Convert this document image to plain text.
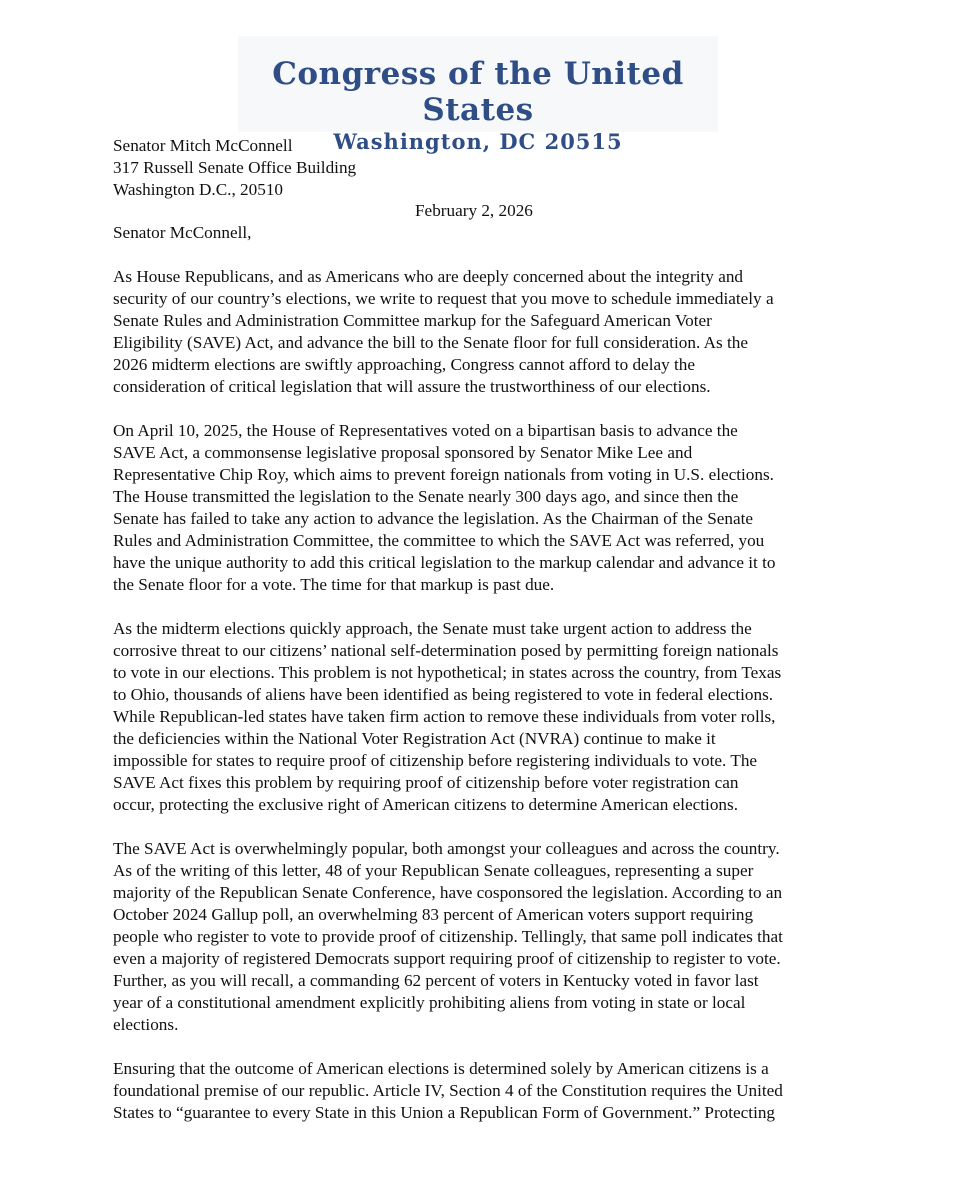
Congress of the United States
Washington, DC 20515
Senator Mitch McConnell
317 Russell Senate Office Building
Washington D.C., 20510
February 2, 2026
Senator McConnell,

As House Republicans, and as Americans who are deeply concerned about the integrity and
security of our country’s elections, we write to request that you move to schedule immediately a
Senate Rules and Administration Committee markup for the Safeguard American Voter
Eligibility (SAVE) Act, and advance the bill to the Senate floor for full consideration. As the
2026 midterm elections are swiftly approaching, Congress cannot afford to delay the
consideration of critical legislation that will assure the trustworthiness of our elections.

On April 10, 2025, the House of Representatives voted on a bipartisan basis to advance the
SAVE Act, a commonsense legislative proposal sponsored by Senator Mike Lee and
Representative Chip Roy, which aims to prevent foreign nationals from voting in U.S. elections.
The House transmitted the legislation to the Senate nearly 300 days ago, and since then the
Senate has failed to take any action to advance the legislation. As the Chairman of the Senate
Rules and Administration Committee, the committee to which the SAVE Act was referred, you
have the unique authority to add this critical legislation to the markup calendar and advance it to
the Senate floor for a vote. The time for that markup is past due.

As the midterm elections quickly approach, the Senate must take urgent action to address the
corrosive threat to our citizens’ national self-determination posed by permitting foreign nationals
to vote in our elections. This problem is not hypothetical; in states across the country, from Texas
to Ohio, thousands of aliens have been identified as being registered to vote in federal elections.
While Republican-led states have taken firm action to remove these individuals from voter rolls,
the deficiencies within the National Voter Registration Act (NVRA) continue to make it
impossible for states to require proof of citizenship before registering individuals to vote. The
SAVE Act fixes this problem by requiring proof of citizenship before voter registration can
occur, protecting the exclusive right of American citizens to determine American elections.

The SAVE Act is overwhelmingly popular, both amongst your colleagues and across the country.
As of the writing of this letter, 48 of your Republican Senate colleagues, representing a super
majority of the Republican Senate Conference, have cosponsored the legislation. According to an
October 2024 Gallup poll, an overwhelming 83 percent of American voters support requiring
people who register to vote to provide proof of citizenship. Tellingly, that same poll indicates that
even a majority of registered Democrats support requiring proof of citizenship to register to vote.
Further, as you will recall, a commanding 62 percent of voters in Kentucky voted in favor last
year of a constitutional amendment explicitly prohibiting aliens from voting in state or local
elections.

Ensuring that the outcome of American elections is determined solely by American citizens is a
foundational premise of our republic. Article IV, Section 4 of the Constitution requires the United
States to “guarantee to every State in this Union a Republican Form of Government.” Protecting
